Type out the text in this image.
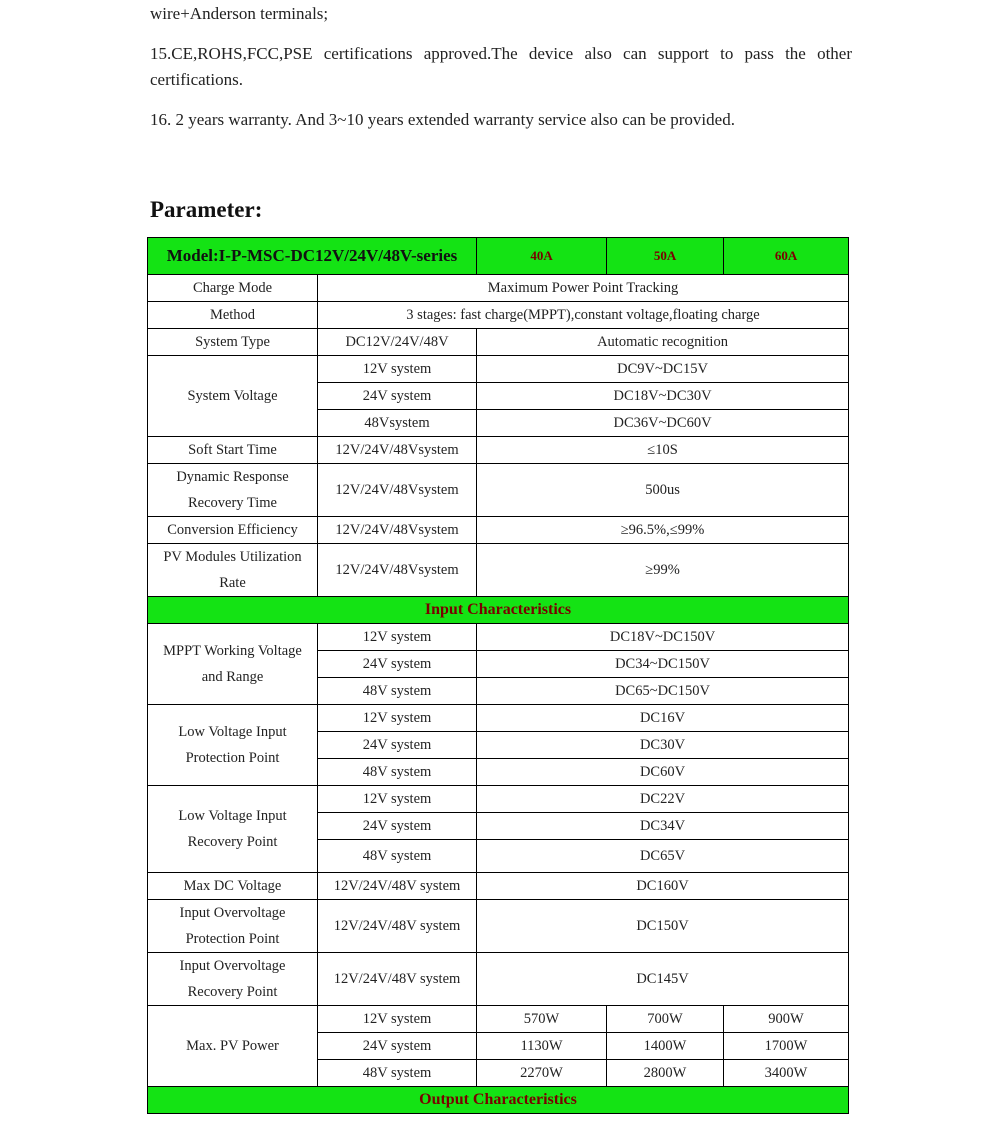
wire+Anderson terminals;
15.CE,ROHS,FCC,PSE certifications approved.The device also can support to pass the other certifications.
16. 2 years warranty. And 3~10 years extended warranty service also can be provided.
Parameter:
Model:I-P-MSC-DC12V/24V/48V-series		40A	50A	60A
Charge Mode	Maximum Power Point Tracking			
Method	3 stages: fast charge(MPPT),constant voltage,floating charge			
System Type	DC12V/24V/48V	Automatic recognition		
System Voltage	12V system	DC9V~DC15V		
	24V system	DC18V~DC30V		
	48Vsystem	DC36V~DC60V		
Soft Start Time	12V/24V/48Vsystem	≤10S		
Dynamic Response
Recovery Time	12V/24V/48Vsystem	500us		
Conversion Efficiency	12V/24V/48Vsystem	≥96.5%,≤99%		
PV Modules Utilization
Rate	12V/24V/48Vsystem	≥99%		
Input Characteristics				
MPPT Working Voltage
and Range	12V system	DC18V~DC150V		
	24V system	DC34~DC150V		
	48V system	DC65~DC150V		
Low Voltage Input
Protection Point	12V system	DC16V		
	24V system	DC30V		
	48V system	DC60V		
Low Voltage Input
Recovery Point	12V system	DC22V		
	24V system	DC34V		
	48V system	DC65V		
Max DC Voltage	12V/24V/48V system	DC160V		
Input Overvoltage
Protection Point	12V/24V/48V system	DC150V		
Input Overvoltage
Recovery Point	12V/24V/48V system	DC145V		
Max. PV Power	12V system	570W	700W	900W
	24V system	1130W	1400W	1700W
	48V system	2270W	2800W	3400W
Output Characteristics				
